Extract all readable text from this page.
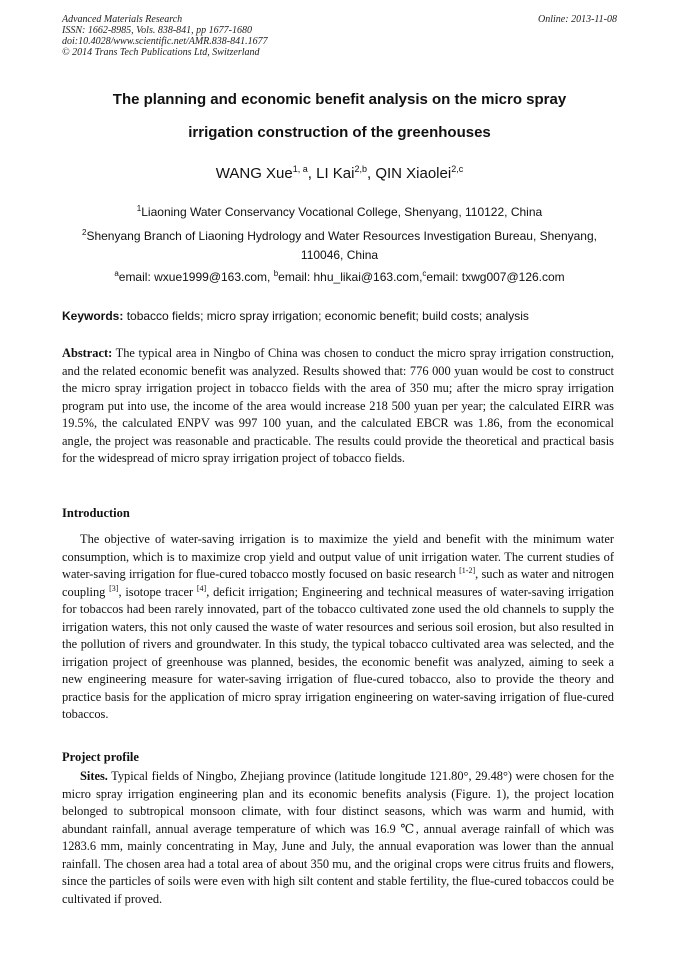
Advanced Materials Research
ISSN: 1662-8985, Vols. 838-841, pp 1677-1680
doi:10.4028/www.scientific.net/AMR.838-841.1677
© 2014 Trans Tech Publications Ltd, Switzerland
Online: 2013-11-08
The planning and economic benefit analysis on the micro spray
irrigation construction of the greenhouses
WANG Xue$^{1, a}$, LI Kai$^{2,b}$, QIN Xiaolei$^{2,c}$
$^1$Liaoning Water Conservancy Vocational College, Shenyang, 110122, China
$^2$Shenyang Branch of Liaoning Hydrology and Water Resources Investigation Bureau, Shenyang, 110046, China
$^a$email: wxue1999@163.com, $^b$email: hhu_likai@163.com,$^c$email: txwg007@126.com
Keywords: tobacco fields; micro spray irrigation; economic benefit; build costs; analysis
Abstract: The typical area in Ningbo of China was chosen to conduct the micro spray irrigation construction, and the related economic benefit was analyzed. Results showed that: 776 000 yuan would be cost to construct the micro spray irrigation project in tobacco fields with the area of 350 mu; after the micro spray irrigation program put into use, the income of the area would increase 218 500 yuan per year; the calculated EIRR was 19.5%, the calculated ENPV was 997 100 yuan, and the calculated EBCR was 1.86, from the economical angle, the project was reasonable and practicable. The results could provide the theoretical and practical basis for the widespread of micro spray irrigation project of tobacco fields.
Introduction
The objective of water-saving irrigation is to maximize the yield and benefit with the minimum water consumption, which is to maximize crop yield and output value of unit irrigation water. The current studies of water-saving irrigation for flue-cured tobacco mostly focused on basic research [1-2], such as water and nitrogen coupling [3], isotope tracer [4], deficit irrigation; Engineering and technical measures of water-saving irrigation for tobaccos had been rarely innovated, part of the tobacco cultivated zone used the old channels to supply the irrigation waters, this not only caused the waste of water resources and serious soil erosion, but also resulted in the pollution of rivers and groundwater. In this study, the typical tobacco cultivated area was selected, and the irrigation project of greenhouse was planned, besides, the economic benefit was analyzed, aiming to seek a new engineering measure for water-saving irrigation of flue-cured tobacco, also to provide the theory and practice basis for the application of micro spray irrigation engineering on water-saving irrigation of flue-cured tobaccos.
Project profile
Sites. Typical fields of Ningbo, Zhejiang province (latitude longitude 121.80°, 29.48°) were chosen for the micro spray irrigation engineering plan and its economic benefits analysis (Figure. 1), the project location belonged to subtropical monsoon climate, with four distinct seasons, which was warm and humid, with abundant rainfall, annual average temperature of which was 16.9 ℃, annual average rainfall of which was 1283.6 mm, mainly concentrating in May, June and July, the annual evaporation was lower than the annual rainfall. The chosen area had a total area of about 350 mu, and the original crops were citrus fruits and flowers, since the particles of soils were even with high silt content and stable fertility, the flue-cured tobaccos could be cultivated if proved.
